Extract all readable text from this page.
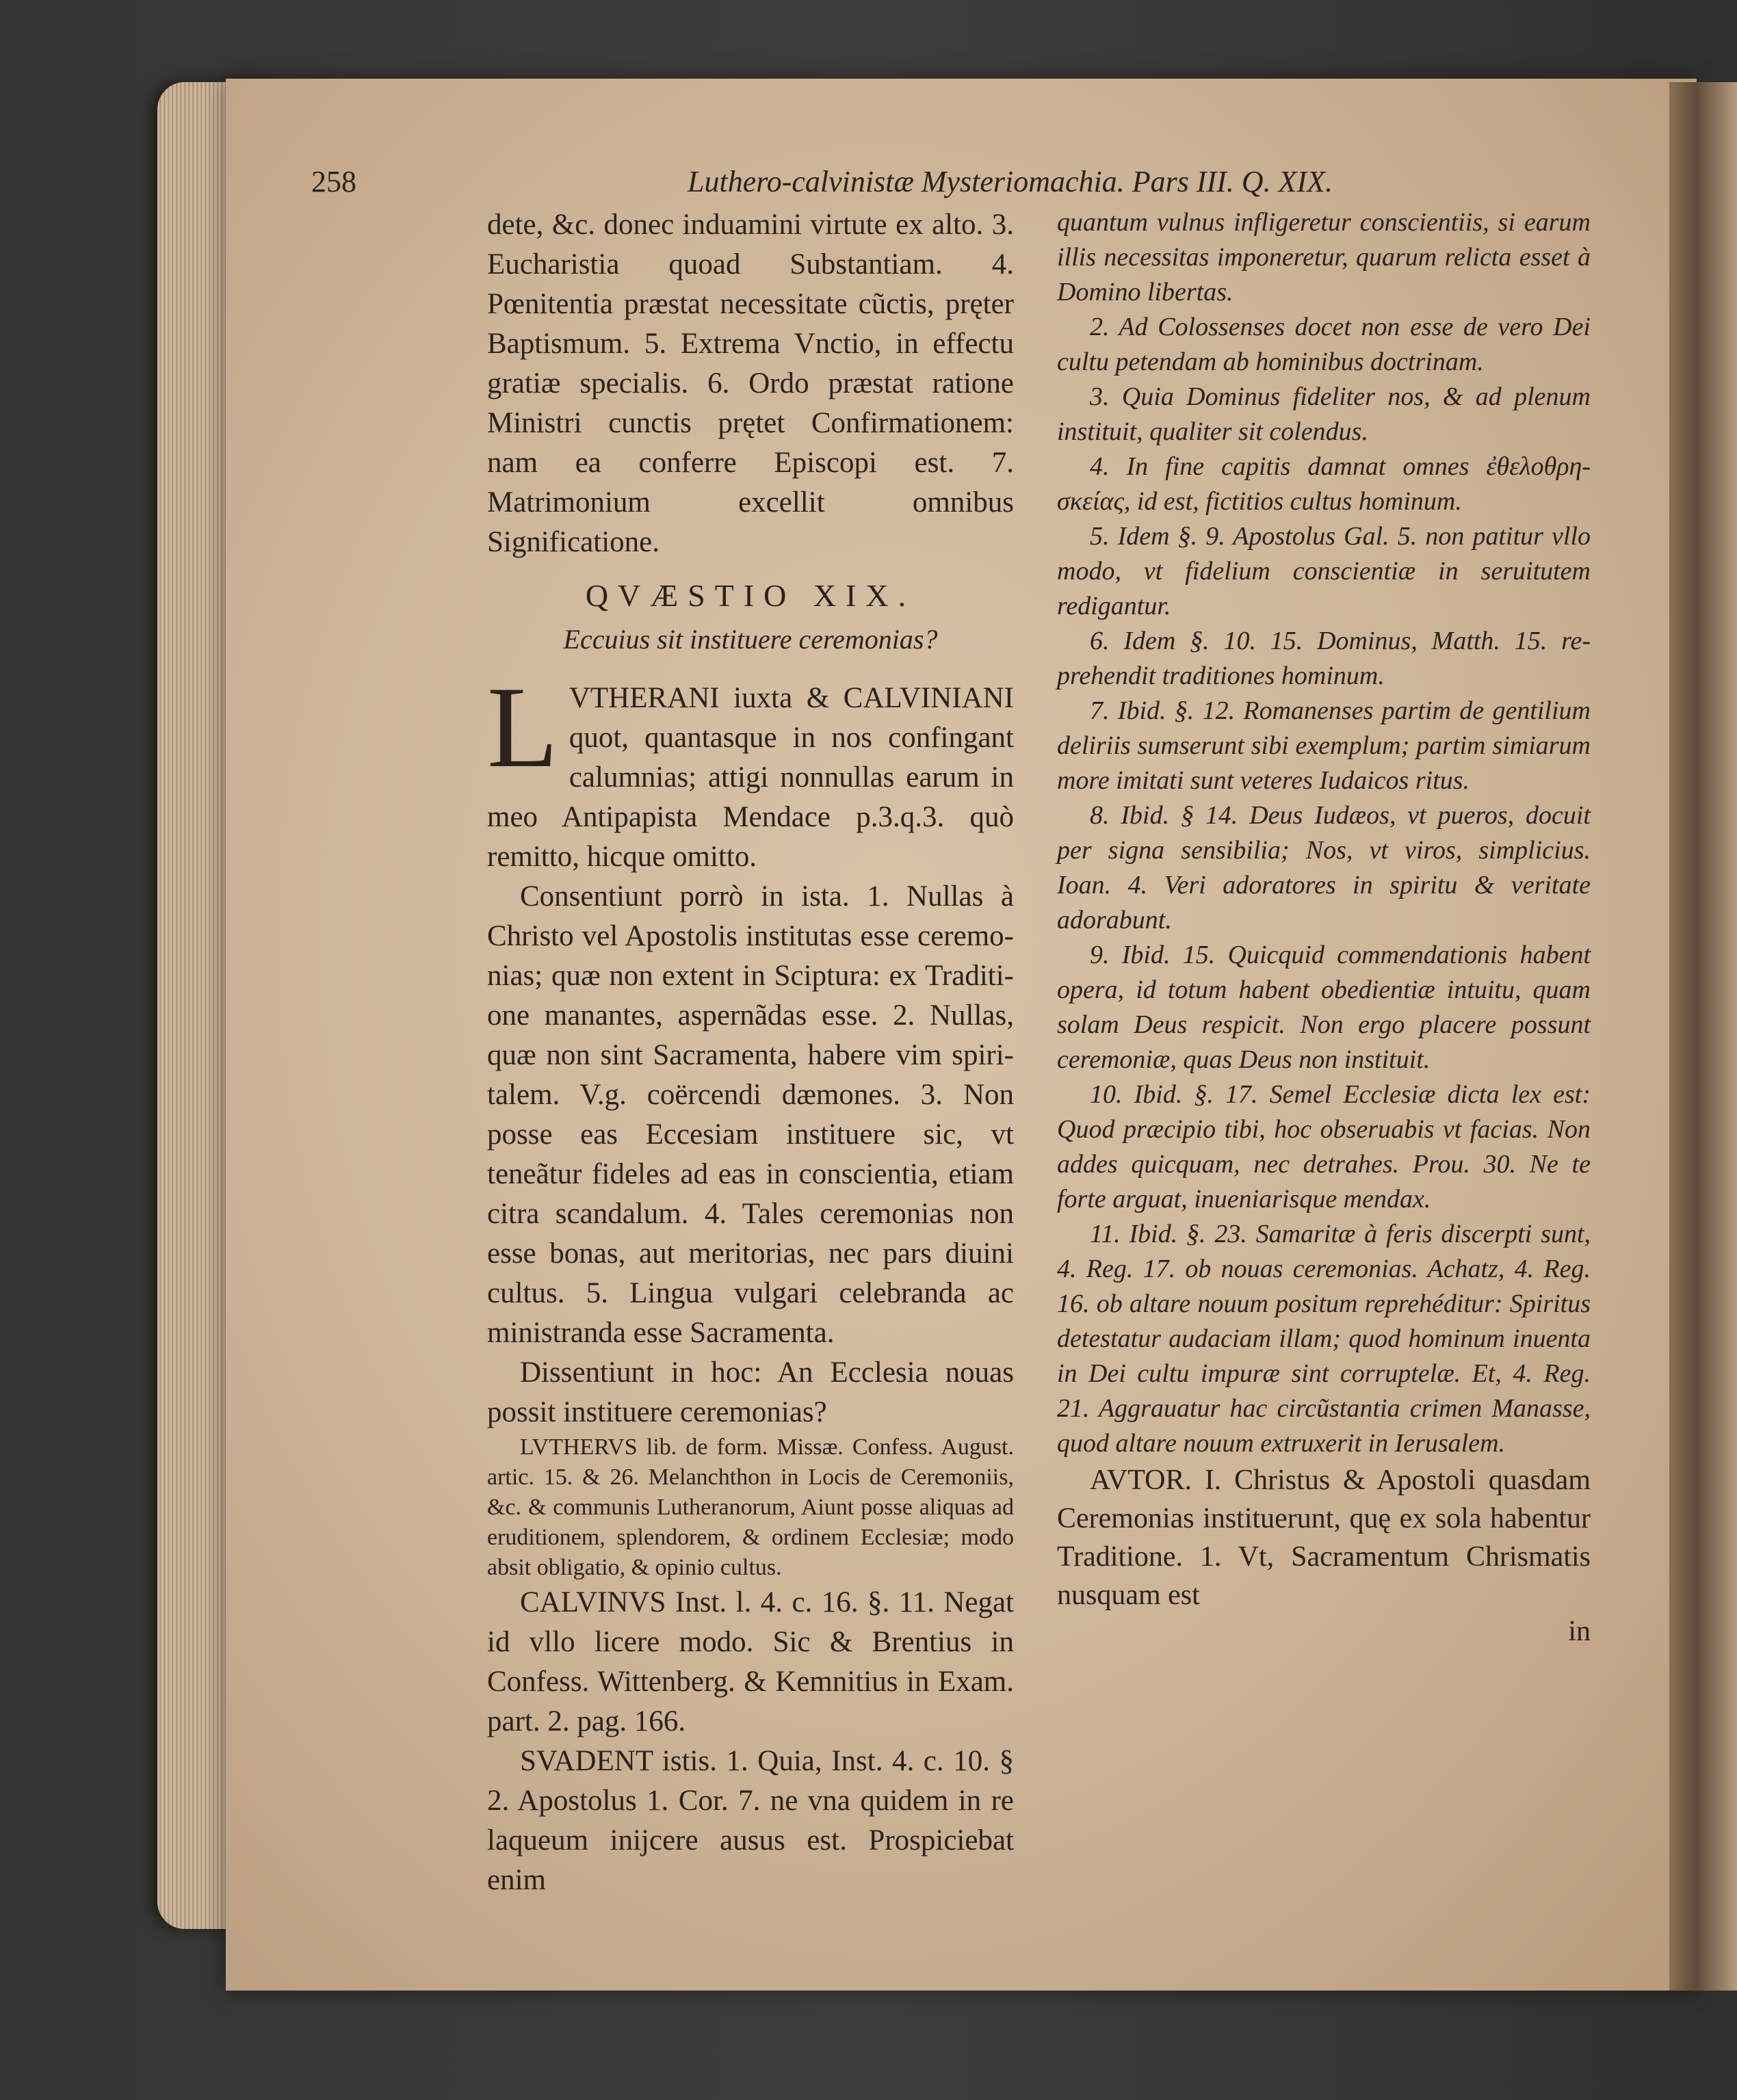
258	Luthero-calvinistæ Mysteriomachia. Pars III. Q. XIX.

dete, &c. donec induamini virtute ex alto. 3. Eucharistia quoad Substantiam. 4. Pœnitentia præstat necessitate cũctis, pręter Baptismum. 5. Extrema Vnctio, in effectu gratiæ specialis. 6. Ordo præstat ratione Ministri cunctis prętet Confirmationem: nam ea conferre Episcopi est. 7. Matrimonium excellit omnibus Significatione.

QVÆSTIO XIX.

Eccuius sit instituere ceremonias?

L VTHERANI iuxta & CALVINIANI quot, quantasque in nos confingant calumnias; attigi nonnullas earum in meo Antipapista Mendace p.3.q.3. quò remitto, hicque omitto.

Consentiunt porrò in ista. 1. Nullas à Christo vel Apostolis institutas esse ceremonias; quæ non extent in Sciptura: ex Traditione manantes, aspernãdas esse. 2. Nullas, quæ non sint Sacramenta, habere vim spiritalem. V.g. coërcendi dæmones. 3. Non posse eas Eccesiam instituere sic, vt teneãtur fideles ad eas in conscientia, etiam citra scandalum. 4. Tales ceremonias non esse bonas, aut meritorias, nec pars diuini cultus. 5. Lingua vulgari celebranda ac ministranda esse Sacramenta.

Dissentiunt in hoc: An Ecclesia nouas possit instituere ceremonias?

LVTHERVS lib. de form. Missæ. Confess. August. artic. 15. & 26. Melanchthon in Locis de Ceremoniis, &c. & communis Lutheranorum, Aiunt posse aliquas ad eruditionem, splendorem, & ordinem Ecclesiæ; modo absit obligatio, & opinio cultus.

CALVINVS Inst. l. 4. c. 16. §. 11. Negat id vllo licere modo. Sic & Brentius in Confess. Wittenberg. & Kemnitius in Exam. part. 2. pag. 166.

SVADENT istis. 1. Quia, Inst. 4. c. 10. § 2. Apostolus 1. Cor. 7. ne vna quidem in re laqueum inijcere ausus est. Prospiciebat enim

quantum vulnus infligeretur conscientiis, si earum illis necessitas imponeretur, quarum relicta esset à Domino libertas.

2. Ad Colossenses docet non esse de vero Dei cultu petendam ab hominibus doctrinam.

3. Quia Dominus fideliter nos, & ad plenum instituit, qualiter sit colendus.

4. In fine capitis damnat omnes ἐθελοθρησκείας, id est, fictitios cultus hominum.

5. Idem §. 9. Apostolus Gal. 5. non patitur vllo modo, vt fidelium conscientiæ in seruitutem redigantur.

6. Idem §. 10. 15. Dominus, Matth. 15. reprehendit traditiones hominum.

7. Ibid. §. 12. Romanenses partim de gentilium deliriis sumserunt sibi exemplum; partim simiarum more imitati sunt veteres Iudaicos ritus.

8. Ibid. § 14. Deus Iudæos, vt pueros, docuit per signa sensibilia; Nos, vt viros, simplicius. Ioan. 4. Veri adoratores in spiritu & veritate adorabunt.

9. Ibid. 15. Quicquid commendationis habent opera, id totum habent obedientiæ intuitu, quam solam Deus respicit. Non ergo placere possunt ceremoniæ, quas Deus non instituit.

10. Ibid. §. 17. Semel Ecclesiæ dicta lex est: Quod præcipio tibi, hoc obseruabis vt facias. Non addes quicquam, nec detrahes. Prou. 30. Ne te forte arguat, inueniarisque mendax.

11. Ibid. §. 23. Samaritæ à feris discerpti sunt, 4. Reg. 17. ob nouas ceremonias. Achatz, 4. Reg. 16. ob altare nouum positum reprehéditur: Spiritus detestatur audaciam illam; quod hominum inuenta in Dei cultu impuræ sint corruptelæ. Et, 4. Reg. 21. Aggrauatur hac circũstantia crimen Manasse, quod altare nouum extruxerit in Ierusalem.

AVTOR. I. Christus & Apostoli quasdam Ceremonias instituerunt, quę ex sola habentur Traditione. 1. Vt, Sacramentum Chrismatis nusquam est

in
